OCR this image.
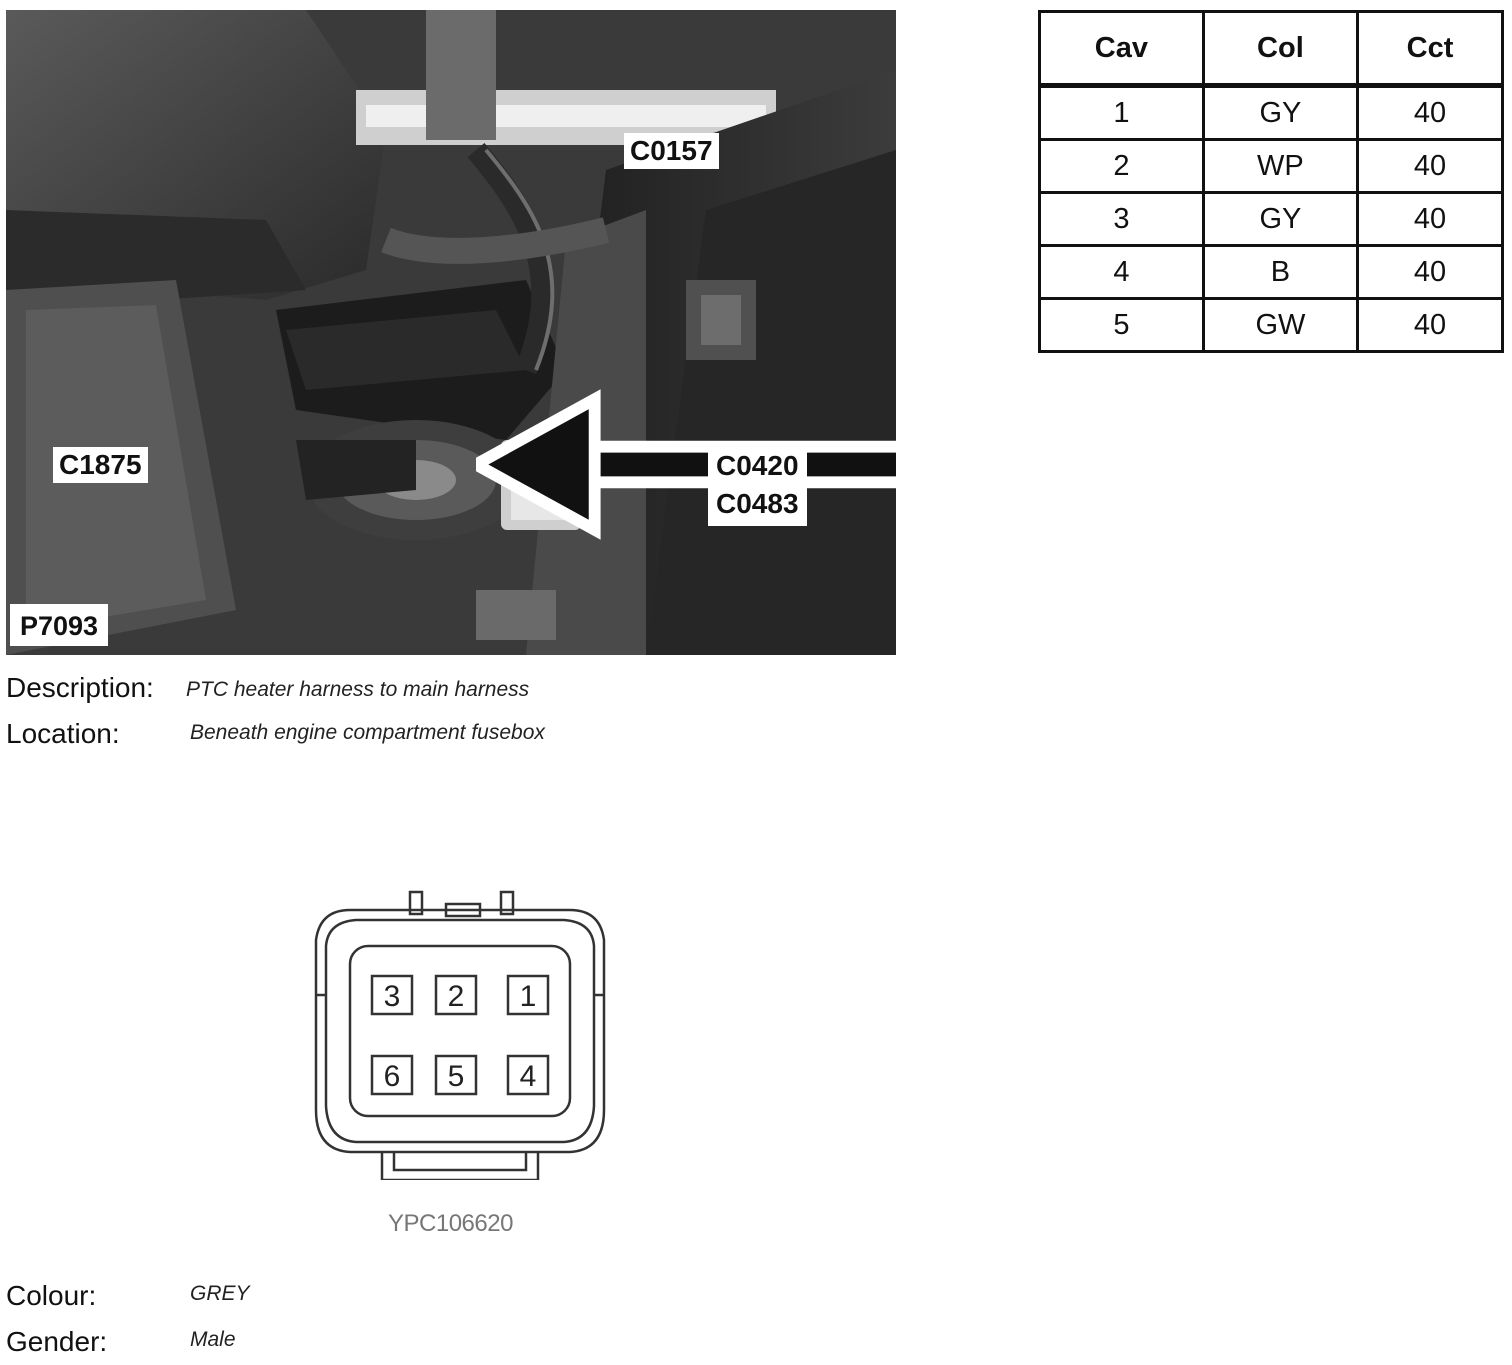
C0157
C1875	C0420
C0483
P7093
Cav	Col	Cct
1	GY	40
2	WP	40
3	GY	40
4	B	40
5	GW	40
Description: PTC heater harness to main harness
Location:	Beneath engine compartment fusebox
3 2 1
6 5 4
YPC106620
Colour:	GREY
Gender:	Male
